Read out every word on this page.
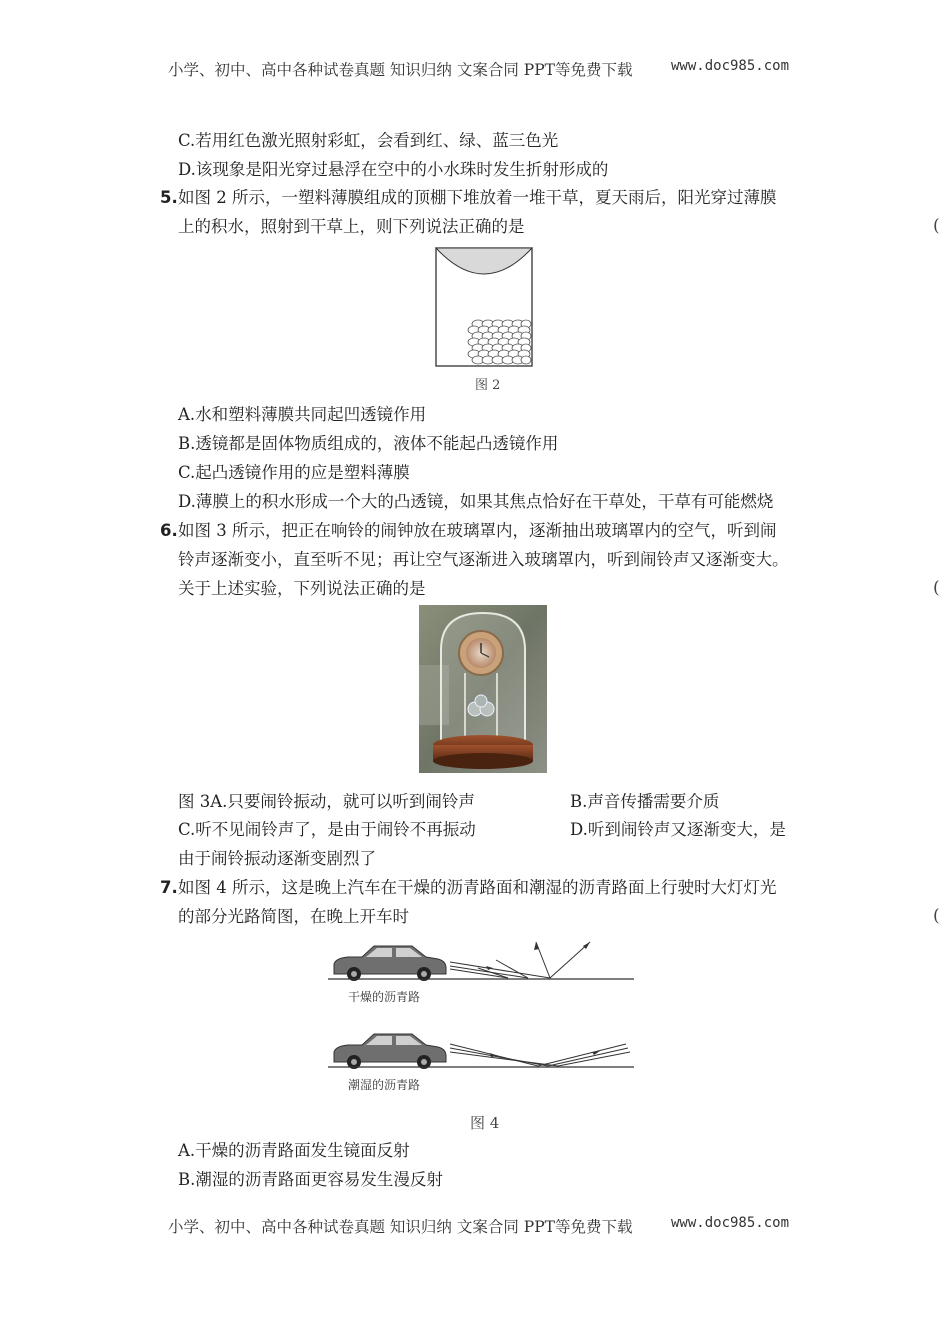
小学、初中、高中各种试卷真题 知识归纳 文案合同 PPT等免费下载	www.doc985.com
C.若用红色激光照射彩虹，会看到红、绿、蓝三色光
D.该现象是阳光穿过悬浮在空中的小水珠时发生折射形成的
5. 如图 2 所示，一塑料薄膜组成的顶棚下堆放着一堆干草，夏天雨后，阳光穿过薄膜
上的积水，照射到干草上，则下列说法正确的是	(
图 2
A.水和塑料薄膜共同起凹透镜作用
B.透镜都是固体物质组成的，液体不能起凸透镜作用
C.起凸透镜作用的应是塑料薄膜
D.薄膜上的积水形成一个大的凸透镜，如果其焦点恰好在干草处，干草有可能燃烧
6. 如图 3 所示，把正在响铃的闹钟放在玻璃罩内，逐渐抽出玻璃罩内的空气，听到闹
铃声逐渐变小，直至听不见；再让空气逐渐进入玻璃罩内，听到闹铃声又逐渐变大。
关于上述实验，下列说法正确的是	(
图 3A.只要闹铃振动，就可以听到闹铃声	B.声音传播需要介质
C.听不见闹铃声了，是由于闹铃不再振动	D.听到闹铃声又逐渐变大，是
由于闹铃振动逐渐变剧烈了
7. 如图 4 所示，这是晚上汽车在干燥的沥青路面和潮湿的沥青路面上行驶时大灯灯光
的部分光路简图，在晚上开车时	(
干燥的沥青路
潮湿的沥青路
图 4
A.干燥的沥青路面发生镜面反射
B.潮湿的沥青路面更容易发生漫反射
小学、初中、高中各种试卷真题 知识归纳 文案合同 PPT等免费下载	www.doc985.com
